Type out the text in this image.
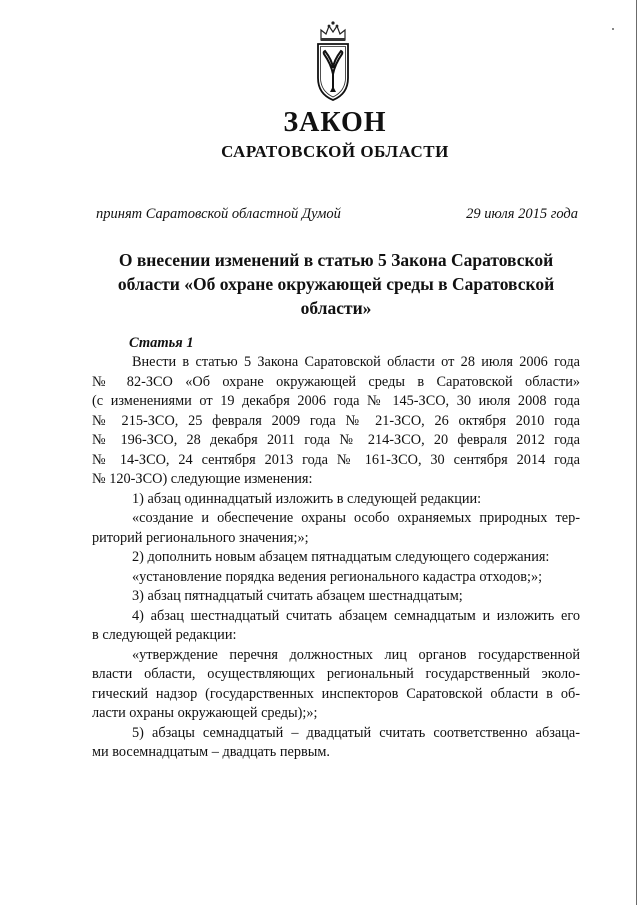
ЗАКОН
САРАТОВСКОЙ ОБЛАСТИ
принят Саратовской областной Думой	29 июля 2015 года
О внесении изменений в статью 5 Закона Саратовской
области «Об охране окружающей среды в Саратовской
области»
Статья 1
Внести в статью 5 Закона Саратовской области от 28 июля 2006 года
№ 82-ЗСО «Об охране окружающей среды в Саратовской области»
(с изменениями от 19 декабря 2006 года № 145-ЗСО, 30 июля 2008 года
№ 215-ЗСО, 25 февраля 2009 года № 21-ЗСО, 26 октября 2010 года
№ 196-ЗСО, 28 декабря 2011 года № 214-ЗСО, 20 февраля 2012 года
№ 14-ЗСО, 24 сентября 2013 года № 161-ЗСО, 30 сентября 2014 года
№ 120-ЗСО) следующие изменения:
1) абзац одиннадцатый изложить в следующей редакции:
«создание и обеспечение охраны особо охраняемых природных тер-
риторий регионального значения;»;
2) дополнить новым абзацем пятнадцатым следующего содержания:
«установление порядка ведения регионального кадастра отходов;»;
3) абзац пятнадцатый считать абзацем шестнадцатым;
4) абзац шестнадцатый считать абзацем семнадцатым и изложить его
в следующей редакции:
«утверждение перечня должностных лиц органов государственной
власти области, осуществляющих региональный государственный эколо-
гический надзор (государственных инспекторов Саратовской области в об-
ласти охраны окружающей среды);»;
5) абзацы семнадцатый – двадцатый считать соответственно абзаца-
ми восемнадцатым – двадцать первым.
